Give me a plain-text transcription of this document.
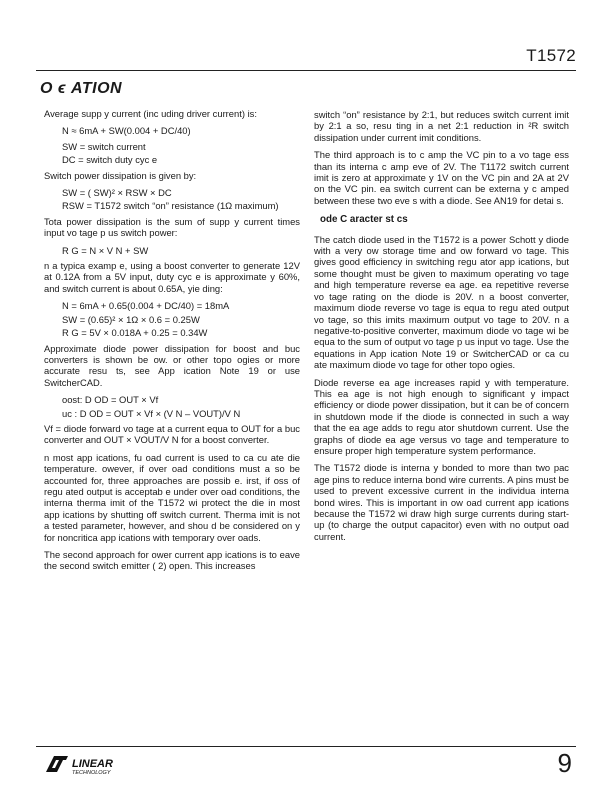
T1572
O ϵ ATION

Average supp y current (inc uding driver current) is:

N ≈ 6mA + SW(0.004 + DC/40)
SW = switch current
DC = switch duty cyc e

Switch power dissipation is given by:

SW = ( SW)² × RSW × DC
RSW = T1572 switch “on” resistance (1Ω maximum)

Tota power dissipation is the sum of supp y current times input vo tage p us switch power:

R G = N × V N + SW

n a typica examp e, using a boost converter to generate 12V at 0.12A from a 5V input, duty cyc e is approximate y 60%, and switch current is about 0.65A, yie ding:

N = 6mA + 0.65(0.004 + DC/40) = 18mA
SW = (0.65)² × 1Ω × 0.6 = 0.25W
R G = 5V × 0.018A + 0.25 = 0.34W

Approximate diode power dissipation for boost and buc converters is shown be ow. or other topo ogies or more accurate resu ts, see App ication Note 19 or use SwitcherCAD.

oost: D OD = OUT × Vf
uc : D OD = OUT × Vf × (V N – VOUT)/V N

Vf = diode forward vo tage at a current equa to OUT for a buc converter and OUT × VOUT/V N for a boost converter.

n most app ications, fu oad current is used to ca cu ate die temperature. owever, if over oad conditions must a so be accounted for, three approaches are possib e. irst, if oss of regu ated output is acceptab e under over oad conditions, the interna therma imit of the T1572 wi protect the die in most app ications by shutting off switch current. Therma imit is not a tested parameter, however, and shou d be considered on y for noncritica app ications with temporary over oads.

The second approach for ower current app ications is to eave the second switch emitter ( 2) open. This increases

switch “on” resistance by 2:1, but reduces switch current imit by 2:1 a so, resu ting in a net 2:1 reduction in ²R switch dissipation under current imit conditions.

The third approach is to c amp the VC pin to a vo tage ess than its interna c amp eve of 2V. The T1172 switch current imit is zero at approximate y 1V on the VC pin and 2A at 2V on the VC pin. ea switch current can be externa y c amped between these two eve s with a diode. See AN19 for detai s.

ode C aracter st cs

The catch diode used in the T1572 is a power Schott y diode with a very ow storage time and ow forward vo tage. This gives good efficiency in switching regu ator app ications, but some thought must be given to maximum operating vo tage and high temperature reverse ea age. ea repetitive reverse vo tage rating on the diode is 20V. n a boost converter, maximum diode reverse vo tage is equa to regu ated output vo tage, so this imits maximum output vo tage to 20V. n a negative-to-positive converter, maximum diode vo tage wi be equa to the sum of output vo tage p us input vo tage. Use the equations in App ication Note 19 or SwitcherCAD or ca cu ate maximum diode vo tage for other topo ogies.

Diode reverse ea age increases rapid y with temperature. This ea age is not high enough to significant y impact efficiency or diode power dissipation, but it can be of concern in shutdown mode if the diode is connected in such a way that the ea age adds to regu ator shutdown current. Use the graphs of diode ea age versus vo tage and temperature to ensure proper high temperature system performance.

The T1572 diode is interna y bonded to more than two pac age pins to reduce interna bond wire currents. A pins must be used to prevent excessive current in the individua interna bond wires. This is important in ow oad current app ications because the T1572 wi draw high surge currents during start-up (to charge the output capacitor) even with no output oad current.

LINEAR
TECHNOLOGY	9
